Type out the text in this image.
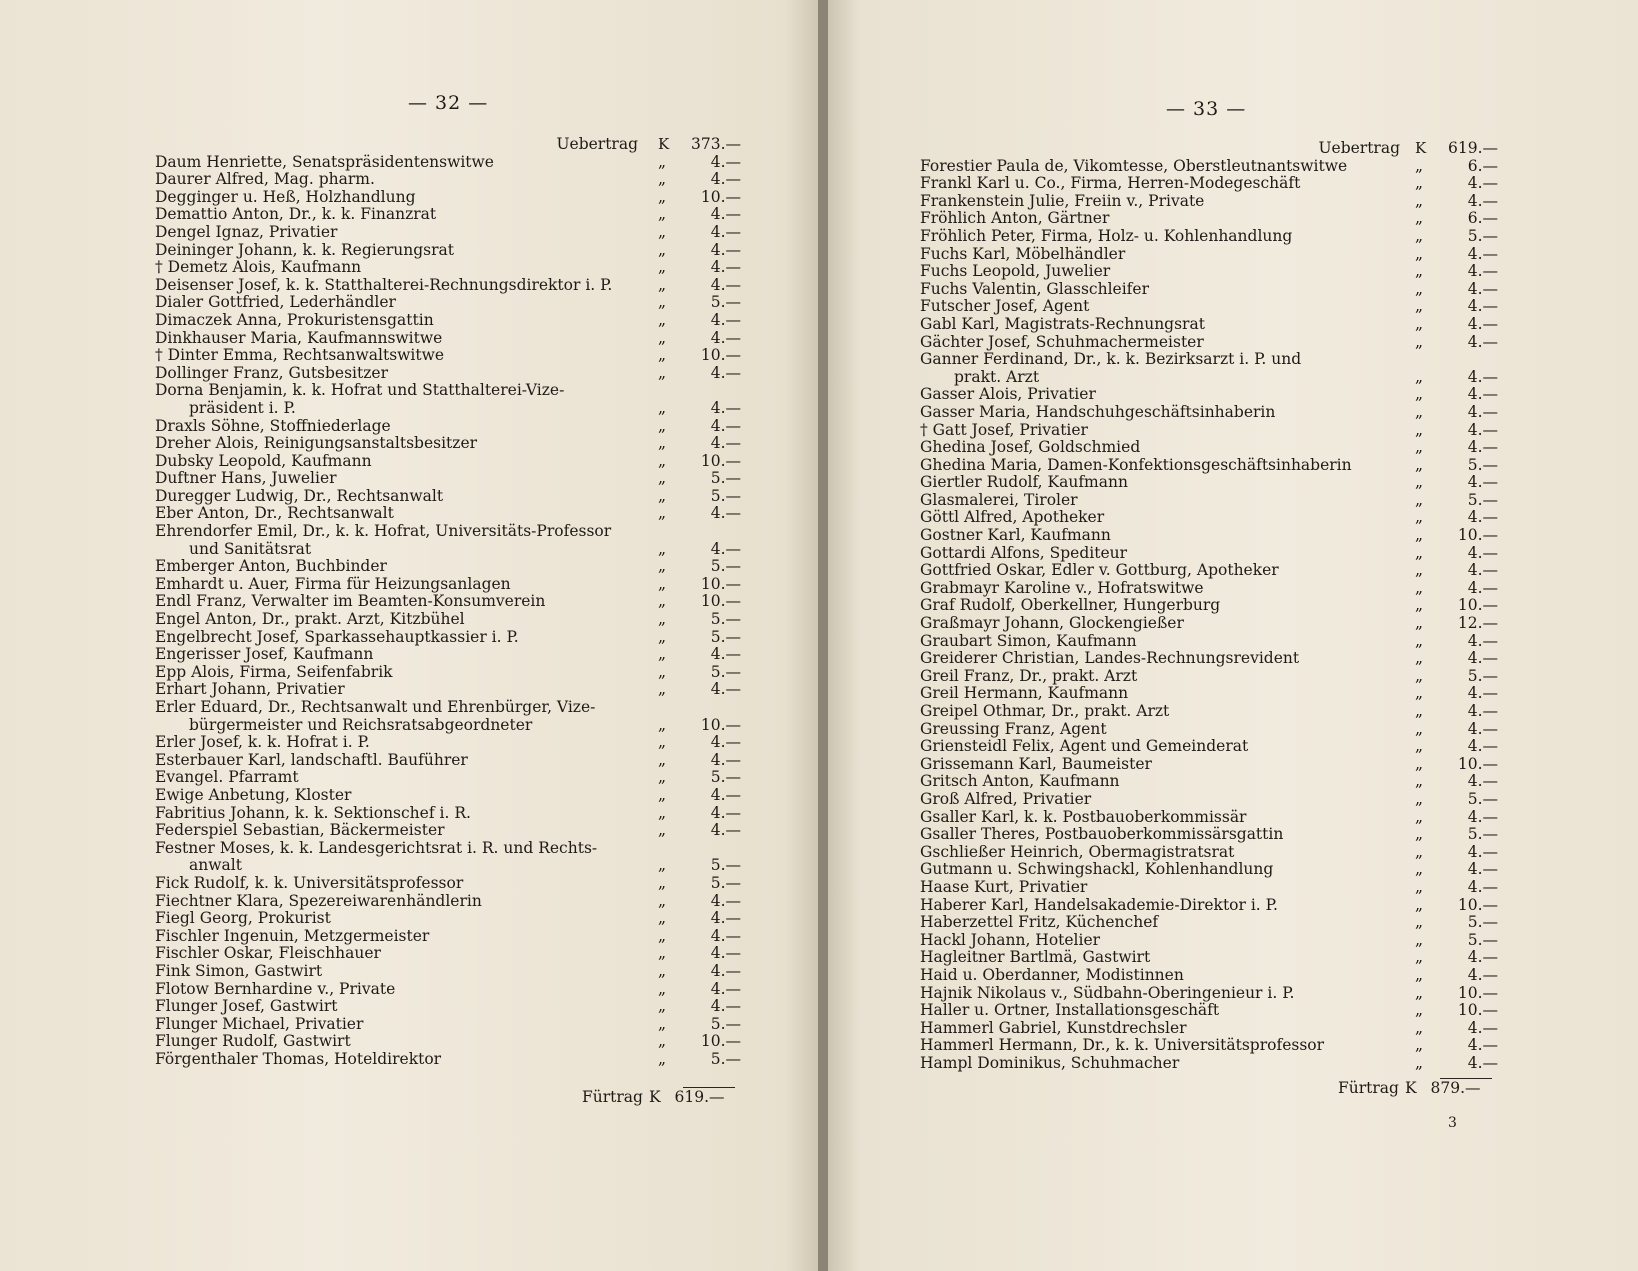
— 32 —
Uebertrag K	373.—
Daum Henriette, Senatspräsidentenswitwe	„	4.—
Daurer Alfred, Mag. pharm.	„	4.—
Degginger u. Heß, Holzhandlung	„	10.—
Demattio Anton, Dr., k. k. Finanzrat	„	4.—
Dengel Ignaz, Privatier	„	4.—
Deininger Johann, k. k. Regierungsrat	„	4.—
† Demetz Alois, Kaufmann	„	4.—
Deisenser Josef, k. k. Statthalterei-Rechnungsdirektor i. P.	„	4.—
Dialer Gottfried, Lederhändler	„	5.—
Dimaczek Anna, Prokuristensgattin	„	4.—
Dinkhauser Maria, Kaufmannswitwe	„	4.—
† Dinter Emma, Rechtsanwaltswitwe	„	10.—
Dollinger Franz, Gutsbesitzer	„	4.—
Dorna Benjamin, k. k. Hofrat und Statthalterei-Vize-
präsident i. P.	„	4.—
Draxls Söhne, Stoffniederlage	„	4.—
Dreher Alois, Reinigungsanstaltsbesitzer	„	4.—
Dubsky Leopold, Kaufmann	„	10.—
Duftner Hans, Juwelier	„	5.—
Duregger Ludwig, Dr., Rechtsanwalt	„	5.—
Eber Anton, Dr., Rechtsanwalt	„	4.—
Ehrendorfer Emil, Dr., k. k. Hofrat, Universitäts-Professor
und Sanitätsrat	„	4.—
Emberger Anton, Buchbinder	„	5.—
Emhardt u. Auer, Firma für Heizungsanlagen	„	10.—
Endl Franz, Verwalter im Beamten-Konsumverein	„	10.—
Engel Anton, Dr., prakt. Arzt, Kitzbühel	„	5.—
Engelbrecht Josef, Sparkassehauptkassier i. P.	„	5.—
Engerisser Josef, Kaufmann	„	4.—
Epp Alois, Firma, Seifenfabrik	„	5.—
Erhart Johann, Privatier	„	4.—
Erler Eduard, Dr., Rechtsanwalt und Ehrenbürger, Vize-
bürgermeister und Reichsratsabgeordneter	„	10.—
Erler Josef, k. k. Hofrat i. P.	„	4.—
Esterbauer Karl, landschaftl. Bauführer	„	4.—
Evangel. Pfarramt	„	5.—
Ewige Anbetung, Kloster	„	4.—
Fabritius Johann, k. k. Sektionschef i. R.	„	4.—
Federspiel Sebastian, Bäckermeister	„	4.—
Festner Moses, k. k. Landesgerichtsrat i. R. und Rechts-
anwalt	„	5.—
Fick Rudolf, k. k. Universitätsprofessor	„	5.—
Fiechtner Klara, Spezereiwarenhändlerin	„	4.—
Fiegl Georg, Prokurist	„	4.—
Fischler Ingenuin, Metzgermeister	„	4.—
Fischler Oskar, Fleischhauer	„	4.—
Fink Simon, Gastwirt	„	4.—
Flotow Bernhardine v., Private	„	4.—
Flunger Josef, Gastwirt	„	4.—
Flunger Michael, Privatier	„	5.—
Flunger Rudolf, Gastwirt	„	10.—
Förgenthaler Thomas, Hoteldirektor	„	5.—
Fürtrag K 619.—
— 33 —
Uebertrag K	619.—
Forestier Paula de, Vikomtesse, Oberstleutnantswitwe	„	6.—
Frankl Karl u. Co., Firma, Herren-Modegeschäft	„	4.—
Frankenstein Julie, Freiin v., Private	„	4.—
Fröhlich Anton, Gärtner	„	6.—
Fröhlich Peter, Firma, Holz- u. Kohlenhandlung	„	5.—
Fuchs Karl, Möbelhändler	„	4.—
Fuchs Leopold, Juwelier	„	4.—
Fuchs Valentin, Glasschleifer	„	4.—
Futscher Josef, Agent	„	4.—
Gabl Karl, Magistrats-Rechnungsrat	„	4.—
Gächter Josef, Schuhmachermeister	„	4.—
Ganner Ferdinand, Dr., k. k. Bezirksarzt i. P. und
prakt. Arzt	„	4.—
Gasser Alois, Privatier	„	4.—
Gasser Maria, Handschuhgeschäftsinhaberin	„	4.—
† Gatt Josef, Privatier	„	4.—
Ghedina Josef, Goldschmied	„	4.—
Ghedina Maria, Damen-Konfektionsgeschäftsinhaberin	„	5.—
Giertler Rudolf, Kaufmann	„	4.—
Glasmalerei, Tiroler	„	5.—
Göttl Alfred, Apotheker	„	4.—
Gostner Karl, Kaufmann	„	10.—
Gottardi Alfons, Spediteur	„	4.—
Gottfried Oskar, Edler v. Gottburg, Apotheker	„	4.—
Grabmayr Karoline v., Hofratswitwe	„	4.—
Graf Rudolf, Oberkellner, Hungerburg	„	10.—
Graßmayr Johann, Glockengießer	„	12.—
Graubart Simon, Kaufmann	„	4.—
Greiderer Christian, Landes-Rechnungsrevident	„	4.—
Greil Franz, Dr., prakt. Arzt	„	5.—
Greil Hermann, Kaufmann	„	4.—
Greipel Othmar, Dr., prakt. Arzt	„	4.—
Greussing Franz, Agent	„	4.—
Griensteidl Felix, Agent und Gemeinderat	„	4.—
Grissemann Karl, Baumeister	„	10.—
Gritsch Anton, Kaufmann	„	4.—
Groß Alfred, Privatier	„	5.—
Gsaller Karl, k. k. Postbauoberkommissär	„	4.—
Gsaller Theres, Postbauoberkommissärsgattin	„	5.—
Gschließer Heinrich, Obermagistratsrat	„	4.—
Gutmann u. Schwingshackl, Kohlenhandlung	„	4.—
Haase Kurt, Privatier	„	4.—
Haberer Karl, Handelsakademie-Direktor i. P.	„	10.—
Haberzettel Fritz, Küchenchef	„	5.—
Hackl Johann, Hotelier	„	5.—
Hagleitner Bartlmä, Gastwirt	„	4.—
Haid u. Oberdanner, Modistinnen	„	4.—
Hajnik Nikolaus v., Südbahn-Oberingenieur i. P.	„	10.—
Haller u. Ortner, Installationsgeschäft	„	10.—
Hammerl Gabriel, Kunstdrechsler	„	4.—
Hammerl Hermann, Dr., k. k. Universitätsprofessor	„	4.—
Hampl Dominikus, Schuhmacher	„	4.—
Fürtrag K 879.—
3
